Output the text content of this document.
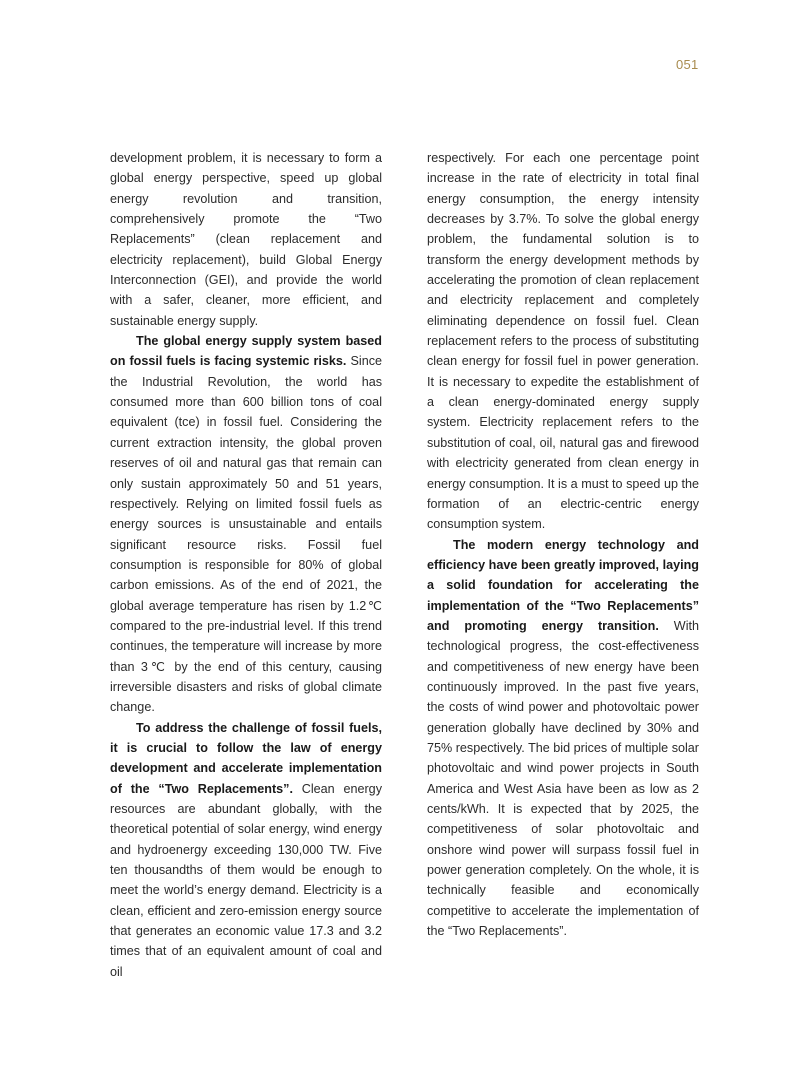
051

development problem, it is necessary to form a global energy perspective, speed up global energy revolution and transition, comprehensively promote the “Two Replacements” (clean replacement and electricity replacement), build Global Energy Interconnection (GEI), and provide the world with a safer, cleaner, more efficient, and sustainable energy supply.

The global energy supply system based on fossil fuels is facing systemic risks. Since the Industrial Revolution, the world has consumed more than 600 billion tons of coal equivalent (tce) in fossil fuel. Considering the current extraction intensity, the global proven reserves of oil and natural gas that remain can only sustain approximately 50 and 51 years, respectively. Relying on limited fossil fuels as energy sources is unsustainable and entails significant resource risks. Fossil fuel consumption is responsible for 80% of global carbon emissions. As of the end of 2021, the global average temperature has risen by 1.2℃ compared to the pre-industrial level. If this trend continues, the temperature will increase by more than 3℃ by the end of this century, causing irreversible disasters and risks of global climate change.

To address the challenge of fossil fuels, it is crucial to follow the law of energy development and accelerate implementation of the “Two Replacements”. Clean energy resources are abundant globally, with the theoretical potential of solar energy, wind energy and hydroenergy exceeding 130,000 TW. Five ten thousandths of them would be enough to meet the world’s energy demand. Electricity is a clean, efficient and zero-emission energy source that generates an economic value 17.3 and 3.2 times that of an equivalent amount of coal and oil

respectively. For each one percentage point increase in the rate of electricity in total final energy consumption, the energy intensity decreases by 3.7%. To solve the global energy problem, the fundamental solution is to transform the energy development methods by accelerating the promotion of clean replacement and electricity replacement and completely eliminating dependence on fossil fuel. Clean replacement refers to the process of substituting clean energy for fossil fuel in power generation. It is necessary to expedite the establishment of a clean energy-dominated energy supply system. Electricity replacement refers to the substitution of coal, oil, natural gas and firewood with electricity generated from clean energy in energy consumption. It is a must to speed up the formation of an electric-centric energy consumption system.

The modern energy technology and efficiency have been greatly improved, laying a solid foundation for accelerating the implementation of the “Two Replacements” and promoting energy transition. With technological progress, the cost-effectiveness and competitiveness of new energy have been continuously improved. In the past five years, the costs of wind power and photovoltaic power generation globally have declined by 30% and 75% respectively. The bid prices of multiple solar photovoltaic and wind power projects in South America and West Asia have been as low as 2 cents/kWh. It is expected that by 2025, the competitiveness of solar photovoltaic and onshore wind power will surpass fossil fuel in power generation completely. On the whole, it is technically feasible and economically competitive to accelerate the implementation of the “Two Replacements”.
